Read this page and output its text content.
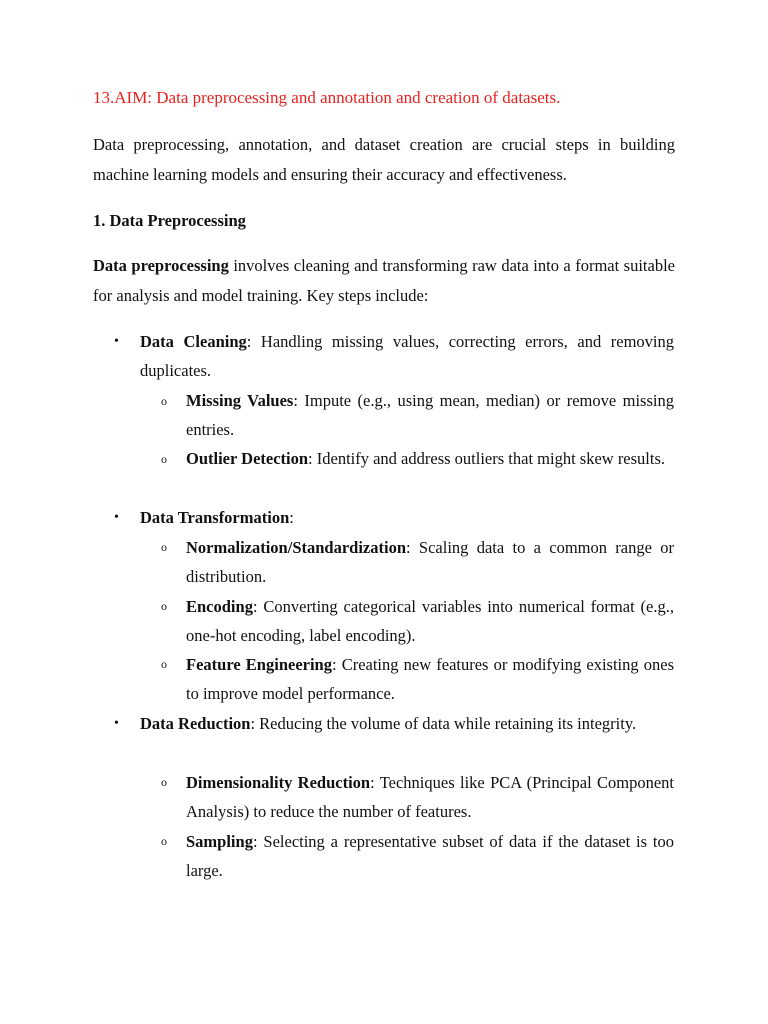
13.AIM: Data preprocessing and annotation and creation of datasets.

Data preprocessing, annotation, and dataset creation are crucial steps in building machine learning models and ensuring their accuracy and effectiveness.

1. Data Preprocessing

Data preprocessing involves cleaning and transforming raw data into a format suitable for analysis and model training. Key steps include:

• Data Cleaning: Handling missing values, correcting errors, and removing duplicates.
o Missing Values: Impute (e.g., using mean, median) or remove missing entries.
o Outlier Detection: Identify and address outliers that might skew results.
• Data Transformation:
o Normalization/Standardization: Scaling data to a common range or distribution.
o Encoding: Converting categorical variables into numerical format (e.g., one-hot encoding, label encoding).
o Feature Engineering: Creating new features or modifying existing ones to improve model performance.
• Data Reduction: Reducing the volume of data while retaining its integrity.
o Dimensionality Reduction: Techniques like PCA (Principal Component Analysis) to reduce the number of features.
o Sampling: Selecting a representative subset of data if the dataset is too large.
